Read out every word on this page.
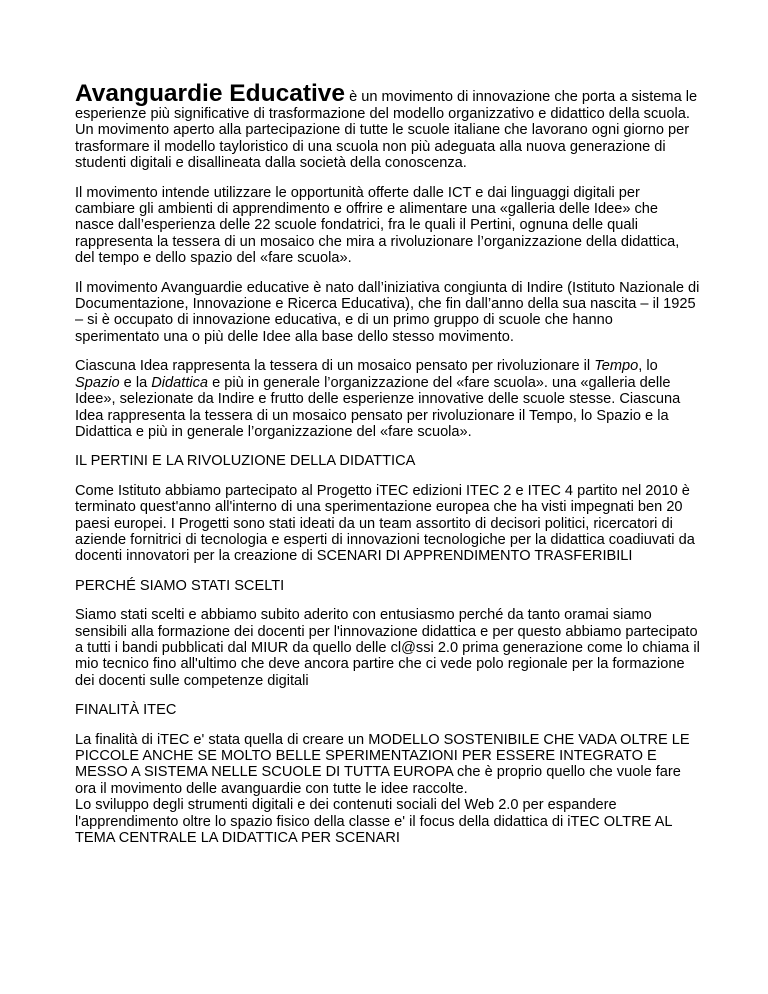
Avanguardie Educative è un movimento di innovazione che porta a sistema le esperienze più significative di trasformazione del modello organizzativo e didattico della scuola. Un movimento aperto alla partecipazione di tutte le scuole italiane che lavorano ogni giorno per trasformare il modello tayloristico di una scuola non più adeguata alla nuova generazione di studenti digitali e disallineata dalla società della conoscenza.

Il movimento intende utilizzare le opportunità offerte dalle ICT e dai linguaggi digitali per cambiare gli ambienti di apprendimento e offrire e alimentare una «galleria delle Idee» che nasce dall’esperienza delle 22 scuole fondatrici, fra le quali il Pertini, ognuna delle quali rappresenta la tessera di un mosaico che mira a rivoluzionare l’organizzazione della didattica, del tempo e dello spazio del «fare scuola».

Il movimento Avanguardie educative è nato dall’iniziativa congiunta di Indire (Istituto Nazionale di Documentazione, Innovazione e Ricerca Educativa), che fin dall’anno della sua nascita – il 1925 – si è occupato di innovazione educativa, e di un primo gruppo di scuole che hanno sperimentato una o più delle Idee alla base dello stesso movimento.

Ciascuna Idea rappresenta la tessera di un mosaico pensato per rivoluzionare il Tempo, lo Spazio e la Didattica e più in generale l’organizzazione del «fare scuola». una «galleria delle Idee», selezionate da Indire e frutto delle esperienze innovative delle scuole stesse. Ciascuna Idea rappresenta la tessera di un mosaico pensato per rivoluzionare il Tempo, lo Spazio e la Didattica e più in generale l’organizzazione del «fare scuola».

IL PERTINI E LA RIVOLUZIONE DELLA DIDATTICA

Come Istituto abbiamo partecipato al Progetto iTEC edizioni ITEC 2 e ITEC 4 partito nel 2010 è terminato quest'anno all'interno di una sperimentazione europea che ha visti impegnati ben 20 paesi europei. I Progetti sono stati ideati da un team assortito di decisori politici, ricercatori di aziende fornitrici di tecnologia e esperti di innovazioni tecnologiche per la didattica coadiuvati da docenti innovatori per la creazione di SCENARI DI APPRENDIMENTO TRASFERIBILI

PERCHÉ SIAMO STATI SCELTI

Siamo stati scelti e abbiamo subito aderito con entusiasmo perché da tanto oramai siamo sensibili alla formazione dei docenti per l'innovazione didattica e per questo abbiamo partecipato a tutti i bandi pubblicati dal MIUR da quello delle cl@ssi 2.0 prima generazione come lo chiama il mio tecnico fino all'ultimo che deve ancora partire che ci vede polo regionale per la formazione dei docenti sulle competenze digitali

FINALITÀ ITEC

La finalità di iTEC e' stata quella di creare un MODELLO SOSTENIBILE CHE VADA OLTRE LE PICCOLE ANCHE SE MOLTO BELLE SPERIMENTAZIONI PER ESSERE INTEGRATO E MESSO A SISTEMA NELLE SCUOLE DI TUTTA EUROPA che è proprio quello che vuole fare ora il movimento delle avanguardie con tutte le idee raccolte.
Lo sviluppo degli strumenti digitali e dei contenuti sociali del Web 2.0 per espandere l'apprendimento oltre lo spazio fisico della classe e' il focus della didattica di iTEC OLTRE AL TEMA CENTRALE LA DIDATTICA PER SCENARI
